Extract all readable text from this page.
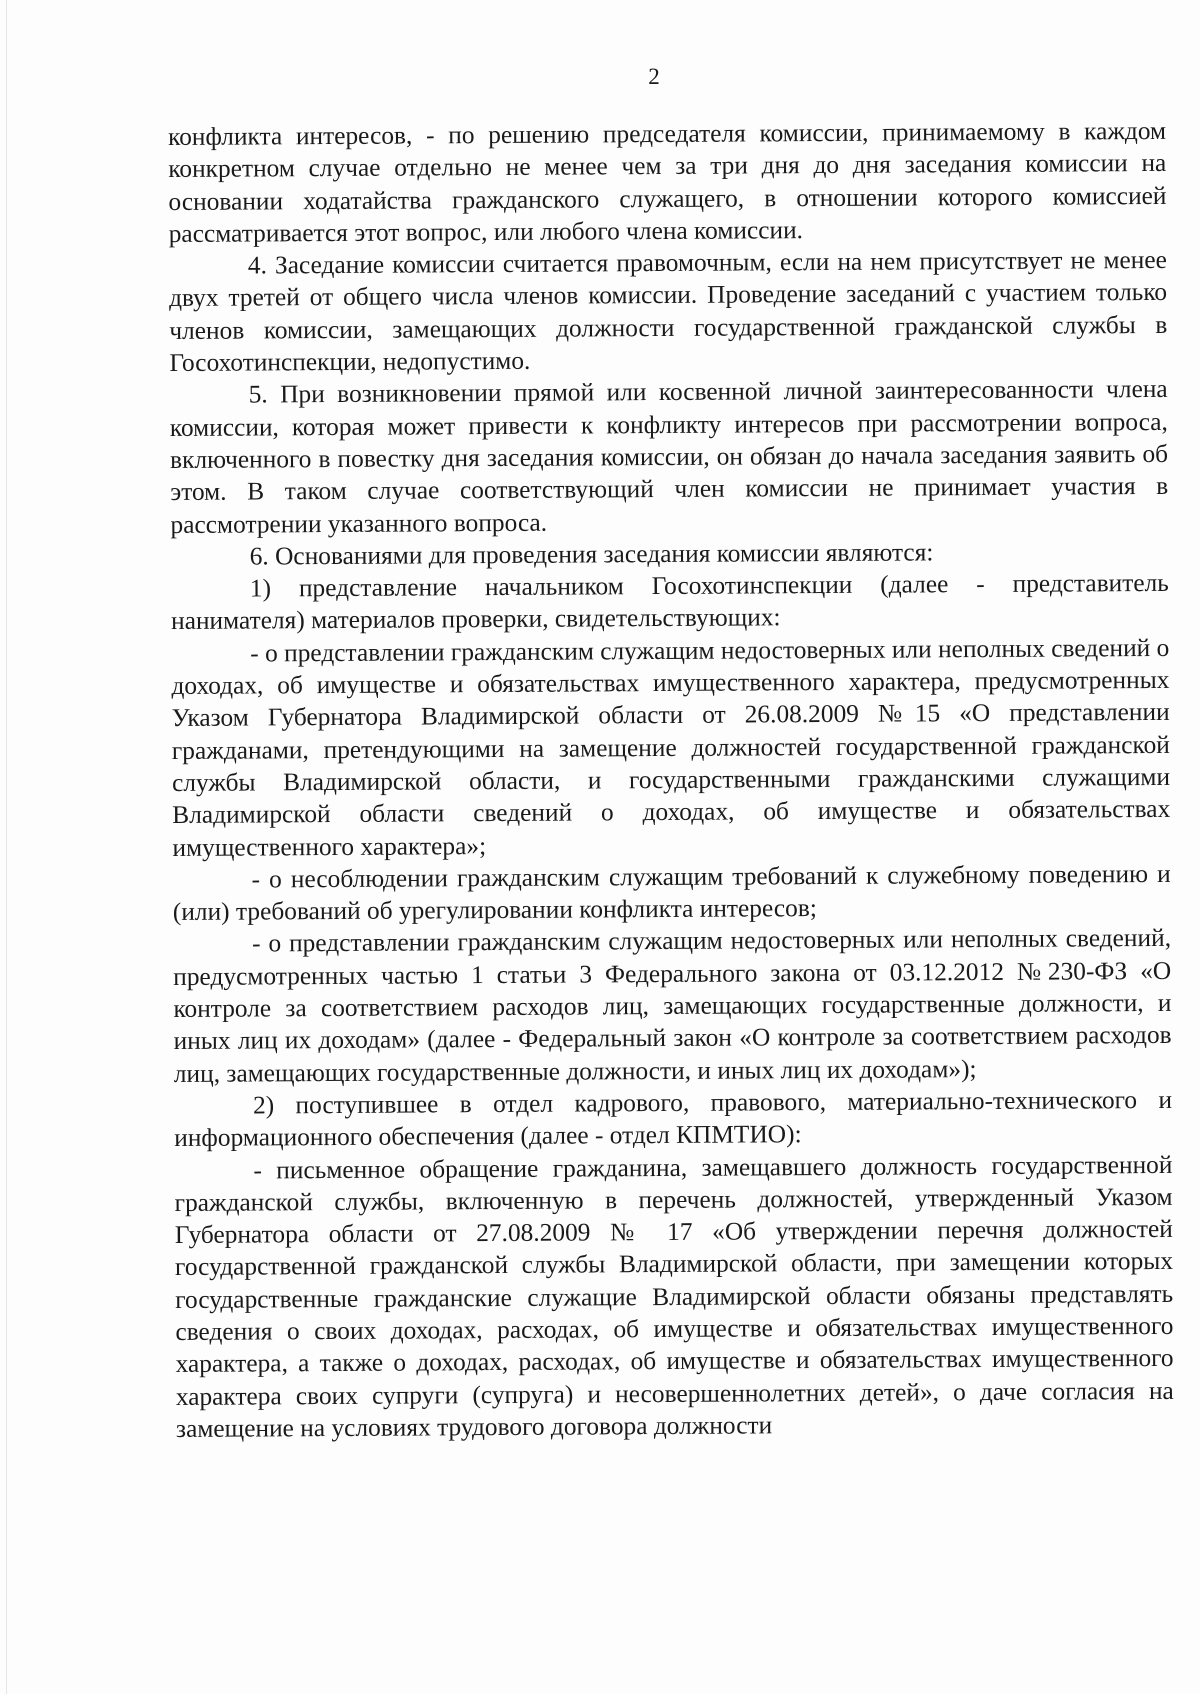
2

конфликта интересов, - по решению председателя комиссии, принимаемому в каждом конкретном случае отдельно не менее чем за три дня до дня заседания комиссии на основании ходатайства гражданского служащего, в отношении которого комиссией рассматривается этот вопрос, или любого члена комиссии.

4. Заседание комиссии считается правомочным, если на нем присутствует не менее двух третей от общего числа членов комиссии. Проведение заседаний с участием только членов комиссии, замещающих должности государственной гражданской службы в Госохотинспекции, недопустимо.

5. При возникновении прямой или косвенной личной заинтересованности члена комиссии, которая может привести к конфликту интересов при рассмотрении вопроса, включенного в повестку дня заседания комиссии, он обязан до начала заседания заявить об этом. В таком случае соответствующий член комиссии не принимает участия в рассмотрении указанного вопроса.

6. Основаниями для проведения заседания комиссии являются:

1) представление начальником Госохотинспекции (далее - представитель нанимателя) материалов проверки, свидетельствующих:

- о представлении гражданским служащим недостоверных или неполных сведений о доходах, об имуществе и обязательствах имущественного характера, предусмотренных Указом Губернатора Владимирской области от 26.08.2009 №15 «О представлении гражданами, претендующими на замещение должностей государственной гражданской службы Владимирской области, и государственными гражданскими служащими Владимирской области сведений о доходах, об имуществе и обязательствах имущественного характера»;

- о несоблюдении гражданским служащим требований к служебному поведению и (или) требований об урегулировании конфликта интересов;

- о представлении гражданским служащим недостоверных или неполных сведений, предусмотренных частью 1 статьи 3 Федерального закона от 03.12.2012 №230-ФЗ «О контроле за соответствием расходов лиц, замещающих государственные должности, и иных лиц их доходам» (далее - Федеральный закон «О контроле за соответствием расходов лиц, замещающих государственные должности, и иных лиц их доходам»);

2) поступившее в отдел кадрового, правового, материально-технического и информационного обеспечения (далее - отдел КПМТИО):

- письменное обращение гражданина, замещавшего должность государственной гражданской службы, включенную в перечень должностей, утвержденный Указом Губернатора области от 27.08.2009 № 17 «Об утверждении перечня должностей государственной гражданской службы Владимирской области, при замещении которых государственные гражданские служащие Владимирской области обязаны представлять сведения о своих доходах, расходах, об имуществе и обязательствах имущественного характера, а также о доходах, расходах, об имуществе и обязательствах имущественного характера своих супруги (супруга) и несовершеннолетних детей», о даче согласия на замещение на условиях трудового договора должности
